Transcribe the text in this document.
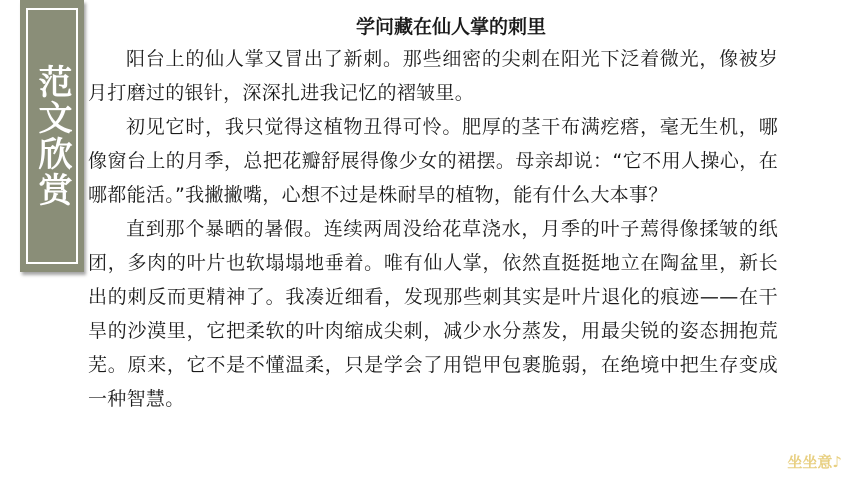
范文欣赏
学问藏在仙人掌的刺里

阳台上的仙人掌又冒出了新刺。那些细密的尖刺在阳光下泛着微光，像被岁月打磨过的银针，深深扎进我记忆的褶皱里。

初见它时，我只觉得这植物丑得可怜。肥厚的茎干布满疙瘩，毫无生机，哪像窗台上的月季，总把花瓣舒展得像少女的裙摆。母亲却说：“它不用人操心，在哪都能活。”我撇撇嘴，心想不过是株耐旱的植物，能有什么大本事？

直到那个暴晒的暑假。连续两周没给花草浇水，月季的叶子蔫得像揉皱的纸团，多肉的叶片也软塌塌地垂着。唯有仙人掌，依然直挺挺地立在陶盆里，新长出的刺反而更精神了。我凑近细看，发现那些刺其实是叶片退化的痕迹——在干旱的沙漠里，它把柔软的叶肉缩成尖刺，减少水分蒸发，用最尖锐的姿态拥抱荒芜。原来，它不是不懂温柔，只是学会了用铠甲包裹脆弱，在绝境中把生存变成一种智慧。

坐坐意♪
